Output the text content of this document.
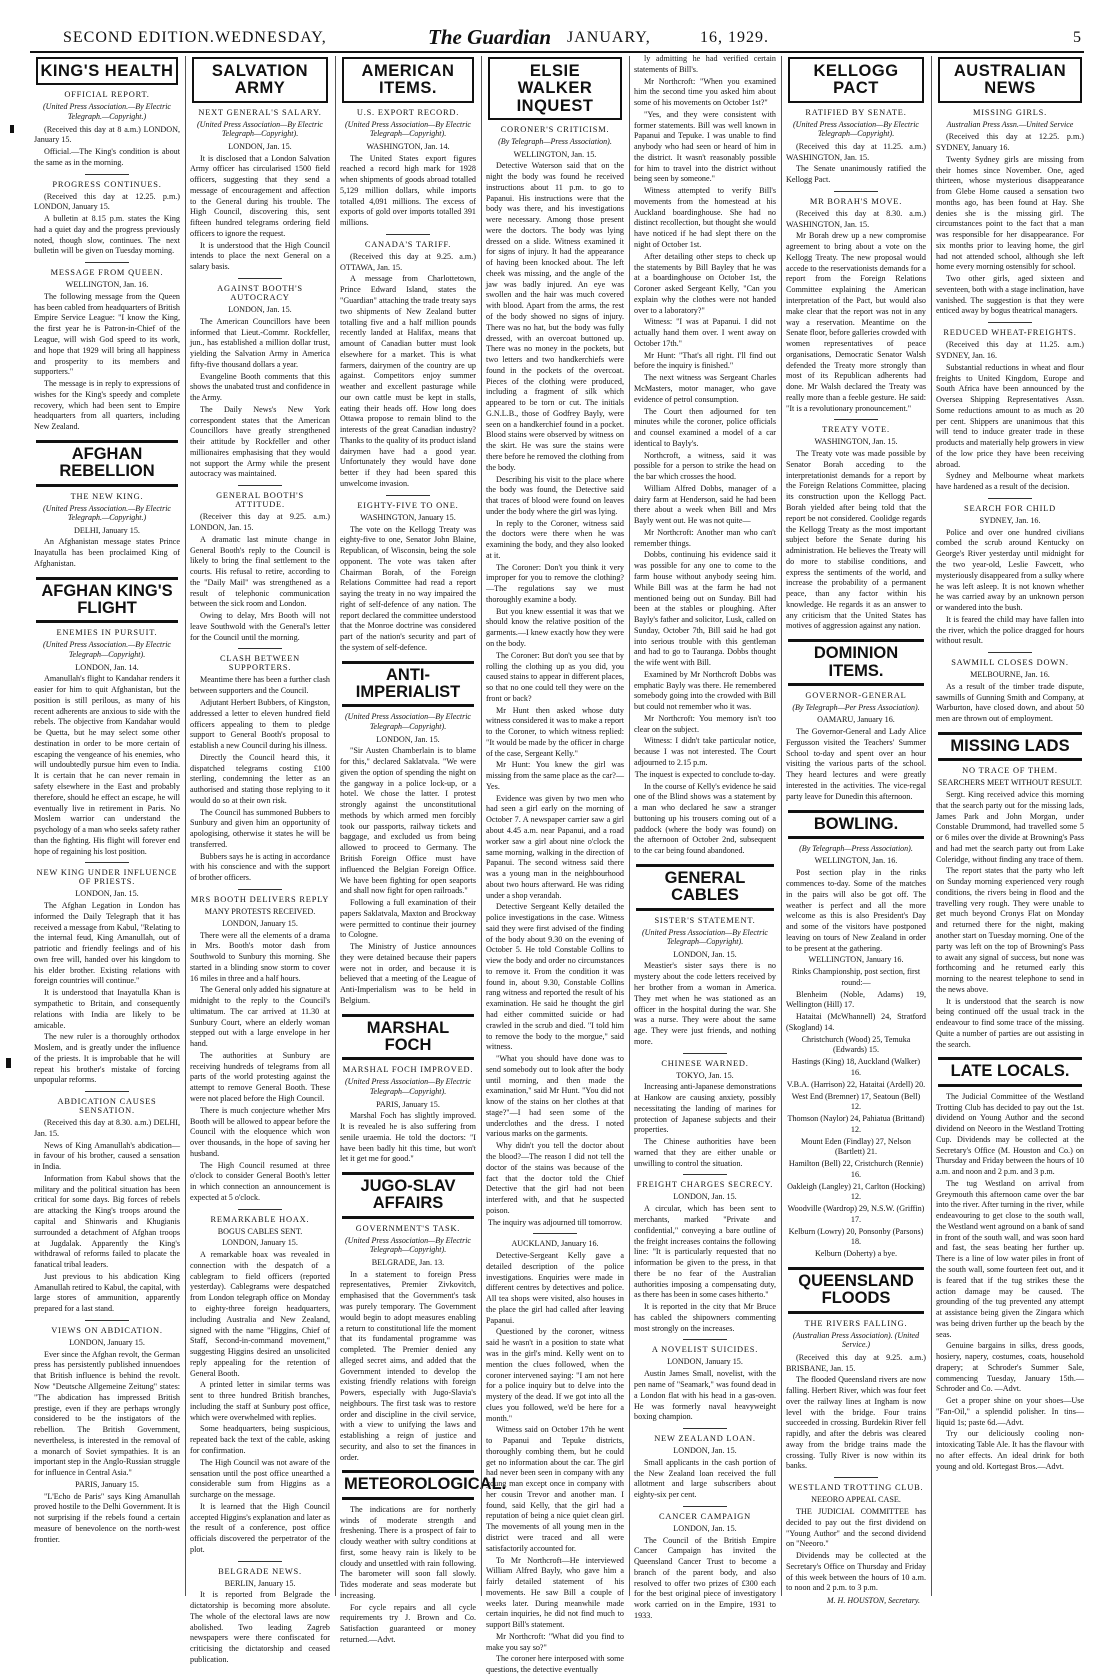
SECOND EDITION. WEDNESDAY,	The Guardian JANUARY,	16, 1929.	5
KING'S HEALTH
OFFICIAL REPORT.
(United Press Association.—By Electric Telegraph.—Copyright.)

(Received this day at 8 a.m.) LONDON, January 15.

Official.—The King's condition is about the same as in the morning.

PROGRESS CONTINUES.

(Received this day at 12.25. p.m.) LONDON, January 15.

A bulletin at 8.15 p.m. states the King had a quiet day and the progress previously noted, though slow, continues. The next bulletin will be given on Tuesday morning.

MESSAGE FROM QUEEN.

WELLINGTON, Jan. 16.

The following message from the Queen has been cabled from headquarters of British Empire Service League: "I know the King, the first year he is Patron-in-Chief of the League, will wish God speed to its work, and hope that 1929 will bring all happiness and prosperity to its members and supporters."

The message is in reply to expressions of wishes for the King's speedy and complete recovery, which had been sent to Empire headquarters from all quarters, including New Zealand.

AFGHAN REBELLION
THE NEW KING.
(United Press Association.—By Electric Telegraph.—Copyright.)

DELHI, January 15.

An Afghanistan message states Prince Inayatulla has been proclaimed King of Afghanistan.

AFGHAN KING'S FLIGHT
ENEMIES IN PURSUIT.
(United Press Association.—By Electric Telegraph—Copyright).

LONDON, Jan. 14.

Amanullah's flight to Kandahar renders it easier for him to quit Afghanistan, but the position is still perilous, as many of his recent adherents are anxious to side with the rebels. The objective from Kandahar would be Quetta, but he may select some other destination in order to be more certain of escaping the vengeance of his enemies, who will undoubtedly pursue him even to India. It is certain that he can never remain in safety elsewhere in the East and probably therefore, should he effect an escape, he will eventually live in retirement in Paris. No Moslem warrior can understand the psychology of a man who seeks safety rather than the fighting. His flight will forever end hope of regaining his lost position.

NEW KING UNDER INFLUENCE OF PRIESTS.

LONDON, Jan. 15.

The Afghan Legation in London has informed the Daily Telegraph that it has received a message from Kabul, "Relating to the internal feud, King Amanullah, out of patriotic and friendly feelings and of his own free will, handed over his kingdom to his elder brother. Existing relations with foreign countries will continue."

It is understood that Inayatulla Khan is sympathetic to Britain, and consequently relations with India are likely to be amicable.

The new ruler is a thoroughly orthodox Moslem, and is greatly under the influence of the priests. It is improbable that he will repeat his brother's mistake of forcing unpopular reforms.

ABDICATION CAUSES SENSATION.

(Received this day at 8.30. a.m.) DELHI, Jan. 15.

News of King Amanullah's abdication—in favour of his brother, caused a sensation in India.

Information from Kabul shows that the military and the political situation has been critical for some days. Big forces of rebels are attacking the King's troops around the capital and Shinwaris and Khugianis surrounded a detachment of Afghan troops at Jugdalak. Apparently the King's withdrawal of reforms failed to placate the fanatical tribal leaders.

Just previous to his abdication King Amanullah retired to Kabul, the capital, with large stores of ammunition, apparently prepared for a last stand.

VIEWS ON ABDICATION.

LONDON, January 15.

Ever since the Afghan revolt, the German press has persistently published innuendoes that British influence is behind the revolt. Now "Deutsche Allgemeine Zeitung" states: "The abdication has impressed British prestige, even if they are perhaps wrongly considered to be the instigators of the rebellion. The British Government, nevertheless, is interested in the removal of a monarch of Soviet sympathies. It is an important step in the Anglo-Russian struggle for influence in Central Asia."

PARIS, January 15.

"L'Echo de Paris" says King Amanullah proved hostile to the Delhi Government. It is not surprising if the rebels found a certain measure of benevolence on the north-west frontier.

SALVATION ARMY
NEXT GENERAL'S SALARY.
(United Press Association—By Electric Telegraph—Copyright).

LONDON, Jan. 15.

It is disclosed that a London Salvation Army officer has circularised 1500 field officers, suggesting that they send a message of encouragement and affection to the General during his trouble. The High Council, discovering this, sent fifteen hundred telegrams ordering field officers to ignore the request.

It is understood that the High Council intends to place the next General on a salary basis.

AGAINST BOOTH'S AUTOCRACY

LONDON, Jan. 15.

The American Councillors have been informed that Lieut.-Commr. Rockfeller, jun., has established a million dollar trust, yielding the Salvation Army in America fifty-five thousand dollars a year.

Evangeline Booth comments that this shows the unabated trust and confidence in the Army.

The Daily News's New York correspondent states that the American Councillors have greatly strengthened their attitude by Rockfeller and other millionaires emphasising that they would not support the Army while the present autocracy was maintained.

GENERAL BOOTH'S ATTITUDE.

(Receiver this day at 9.25. a.m.) LONDON, Jan. 15.

A dramatic last minute change in General Booth's reply to the Council is likely to bring the final settlement to the courts. His refusal to retire, according to the "Daily Mail" was strengthened as a result of telephonic communication between the sick room and London.

Owing to delay, Mrs Booth will not leave Southwold with the General's letter for the Council until the morning.

CLASH BETWEEN SUPPORTERS.

Meantime there has been a further clash between supporters and the Council.

Adjutant Herbert Bubbers, of Kingston, addressed a letter to eleven hundred field officers appealing to them to pledge support to General Booth's proposal to establish a new Council during his illness.

Directly the Council heard this, it dispatched telegrams costing £100 sterling, condemning the letter as an authorised and stating those replying to it would do so at their own risk.

The Council has summoned Bubbers to Sunbury and given him an opportunity of apologising, otherwise it states he will be transferred.

Bubbers says he is acting in accordance with his conscience and with the support of brother officers.

MRS BOOTH DELIVERS REPLY

MANY PROTESTS RECEIVED.

LONDON, January 15.

There were all the elements of a drama in Mrs. Booth's motor dash from Southwold to Sunbury this morning. She started in a blinding snow storm to cover 16 miles in three and a half hours.

The General only added his signature at midnight to the reply to the Council's ultimatum. The car arrived at 11.30 at Sunbury Court, where an elderly woman stepped out with a large envelope in her hand.

The authorities at Sunbury are receiving hundreds of telegrams from all parts of the world protesting against the attempt to remove General Booth. These were not placed before the High Council.

There is much conjecture whether Mrs Booth will be allowed to appear before the Council with the eloquence which won over thousands, in the hope of saving her husband.

The High Council resumed at three o'clock to consider General Booth's letter in which connection an announcement is expected at 5 o'clock.

REMARKABLE HOAX.

BOGUS CABLES SENT.

LONDON, January 15.

A remarkable hoax was revealed in connection with the despatch of a cablegram to field officers (reported yesterday). Cablegrams were despatched from London telegraph office on Monday to eighty-three foreign headquarters, including Australia and New Zealand, signed with the name "Higgins, Chief of Staff, Second-in-command movement," suggesting Higgins desired an unsolicited reply appealing for the retention of General Booth.

A printed letter in similar terms was sent to three hundred British branches, including the staff at Sunbury post office, which were overwhelmed with replies.

Some headquarters, being suspicious, repeated back the text of the cable, asking for confirmation.

The High Council was not aware of the sensation until the post office unearthed a considerable sum from Higgins as a surcharge on the message.

It is learned that the High Council accepted Higgins's explanation and later as the result of a conference, post office officials discovered the perpetrator of the plot.

BELGRADE NEWS.

BERLIN, January 15.

It is reported from Belgrade the dictatorship is becoming more absolute. The whole of the electoral laws are now abolished. Two leading Zagreb newspapers were there confiscated for criticising the dictatorship and ceased publication.

AMERICAN ITEMS.
U.S. EXPORT RECORD.
(United Press Association—By Electric Telegraph—Copyright).

WASHINGTON, Jan. 14.

The United States export figures reached a record high mark for 1928 when shipments of goods abroad totalled 5,129 million dollars, while imports totalled 4,091 millions. The excess of exports of gold over imports totalled 391 millions.

CANADA'S TARIFF.

(Received this day at 9.25. a.m.) OTTAWA, Jan. 15.

A message from Charlottetown, Prince Edward Island, states the "Guardian" attaching the trade treaty says two shipments of New Zealand butter totalling five and a half million pounds recently landed at Halifax, means that amount of Canadian butter must look elsewhere for a market. This is what farmers, dairymen of the country are up against. Competitors enjoy summer weather and excellent pasturage while our own cattle must be kept in stalls, eating their heads off. How long does Ottawa propose to remain blind to the interests of the great Canadian industry? Thanks to the quality of its product island dairymen have had a good year. Unfortunately they would have done better if they had been spared this unwelcome invasion.

EIGHTY-FIVE TO ONE.

WASHINGTON, January 15.

The vote on the Kellogg Treaty was eighty-five to one, Senator John Blaine, Republican, of Wisconsin, being the sole opponent. The vote was taken after Chairman Borah, of the Foreign Relations Committee had read a report saying the treaty in no way impaired the right of self-defence of any nation. The report declared the committee understood that the Monroe doctrine was considered part of the nation's security and part of the system of self-defence.

ANTI-IMPERIALIST
(United Press Association—By Electric Telegraph—Copyright).

LONDON, Jan. 15.

"Sir Austen Chamberlain is to blame for this," declared Saklatvala. "We were given the option of spending the night on the gangway in a police lock-up, or a hotel. We chose the latter. I protest strongly against the unconstitutional methods by which armed men forcibly took our passports, railway tickets and baggage, and excluded us from being allowed to proceed to Germany. The British Foreign Office must have influenced the Belgian Foreign Office. We have been fighting for open seaports and shall now fight for open railroads."

Following a full examination of their papers Saklatvala, Maxton and Brockway were permitted to continue their journey to Cologne.

The Ministry of Justice announces they were detained because their papers were not in order, and because it is believed that a meeting of the League of Anti-Imperialism was to be held in Belgium.

MARSHAL FOCH
MARSHAL FOCH IMPROVED.
(United Press Association—By Electric Telegraph—Copyright).

PARIS, January 15.

Marshal Foch has slightly improved. It is revealed he is also suffering from senile uraemia. He told the doctors: "I have been badly hit this time, but won't let it get me for good."

JUGO-SLAV AFFAIRS
GOVERNMENT'S TASK.
(United Press Association—By Electric Telegraph—Copyright).

BELGRADE, Jan. 13.

In a statement to foreign Press representatives, Premier Zivkovitch, emphasised that the Government's task was purely temporary. The Government would begin to adopt measures enabling a return to constitutional life the moment that its fundamental programme was completed. The Premier denied any alleged secret aims, and added that the Government intended to develop the existing friendly relations with foreign Powers, especially with Jugo-Slavia's neighbours. The first task was to restore order and discipline in the civil service, with a view to unifying the laws and establishing a reign of justice and security, and also to set the finances in order.

METEOROLOGICAL.

The indications are for northerly winds of moderate strength and freshening. There is a prospect of fair to cloudy weather with sultry conditions at first, some heavy rain is likely to be cloudy and unsettled with rain following. The barometer will soon fall slowly. Tides moderate and seas moderate but increasing.

For cycle repairs and all cycle requirements try J. Brown and Co. Satisfaction guaranteed or money returned.—Advt.

ELSIE WALKER INQUEST
CORONER'S CRITICISM.
(By Telegraph—Press Association).

WELLINGTON, Jan. 15.

Detective Waterson said that on the night the body was found he received instructions about 11 p.m. to go to Papanui. His instructions were that the body was there, and his investigations were necessary. Among those present were the doctors. The body was lying dressed on a slide. Witness examined it for signs of injury. It had the appearance of having been knocked about. The left cheek was missing, and the angle of the jaw was badly injured. An eye was swollen and the hair was much covered with blood. Apart from the arms, the rest of the body showed no signs of injury. There was no hat, but the body was fully dressed, with an overcoat buttoned up. There was no money in the pockets, but two letters and two handkerchiefs were found in the pockets of the overcoat. Pieces of the clothing were produced, including a fragment of silk which appeared to be torn or cut. The initials G.N.L.B., those of Godfrey Bayly, were seen on a handkerchief found in a pocket. Blood stains were observed by witness on the skirt. He was sure the stains were there before he removed the clothing from the body.

Describing his visit to the place where the body was found, the Detective said that traces of blood were found on leaves under the body where the girl was lying.

In reply to the Coroner, witness said the doctors were there when he was examining the body, and they also looked at it.

The Coroner: Don't you think it very improper for you to remove the clothing?—The regulations say we must thoroughly examine a body.

But you knew essential it was that we should know the relative position of the garments.—I knew exactly how they were on the body.

The Coroner: But don't you see that by rolling the clothing up as you did, you caused stains to appear in different places, so that no one could tell they were on the front or back?

Mr Hunt then asked whose duty witness considered it was to make a report to the Coroner, to which witness replied: "It would be made by the officer in charge of the case, Sergeant Kelly."

Mr Hunt: You knew the girl was missing from the same place as the car?—Yes.

Evidence was given by two men who had seen a girl early on the morning of October 7. A newspaper carrier saw a girl about 4.45 a.m. near Papanui, and a road worker saw a girl about nine o'clock the same morning, walking in the direction of Papanui. The second witness said there was a young man in the neighbourhood about two hours afterward. He was riding under a shop verandah.

Detective Sergeant Kelly detailed the police investigations in the case. Witness said they were first advised of the finding of the body about 9.30 on the evening of October 5. He told Constable Collins to view the body and order no circumstances to remove it. From the condition it was found in, about 9.30, Constable Collins rang witness and reported the result of his examination. He said he thought the girl had either committed suicide or had crawled in the scrub and died. "I told him to remove the body to the morgue," said witness.

"What you should have done was to send somebody out to look after the body until morning, and then made the examination," said Mr Hunt. "You did not know of the stains on her clothes at that stage?"—I had seen some of the underclothes and the dress. I noted various marks on the garments.

Why didn't you tell the doctor about the blood?—The reason I did not tell the doctor of the stains was because of the fact that the doctor told the Chief Detective that the girl had not been interfered with, and that he suspected poison.

The inquiry was adjourned till tomorrow.

AUCKLAND, January 16.

Detective-Sergeant Kelly gave a detailed description of the police investigations. Enquiries were made in different centres by detectives and police. All tea shops were visited, also houses in the place the girl had called after leaving Papanui.

Questioned by the coroner, witness said he wasn't in a position to state what was in the girl's mind. Kelly went on to mention the clues followed, when the coroner intervened saying: "I am not here for a police inquiry but to delve into the mystery of the dead. If we got into all the clues you followed, we'd be here for a month."

Witness said on October 17th he went to Papanui and Tepuke districts, thoroughly combing them, but he could get no information about the car. The girl had never been seen in company with any young man except once in company with her cousin Trevor and another man. I found, said Kelly, that the girl had a reputation of being a nice quiet clean girl. The movements of all young men in the district were traced and all were satisfactorily accounted for.

To Mr Northcroft—He interviewed William Alfred Bayly, who gave him a fairly detailed statement of his movements. He saw Bill a couple of weeks later. During meanwhile made certain inquiries, he did not find much to support Bill's statement.

Mr Northcroft: "What did you find to make you say so?"

The coroner here interposed with some questions, the detective eventually

ly admitting he had verified certain statements of Bill's.

Mr Northcroft: "When you examined him the second time you asked him about some of his movements on October 1st?"

"Yes, and they were consistent with former statements. Bill was well known in Papanui and Tepuke. I was unable to find anybody who had seen or heard of him in the district. It wasn't reasonably possible for him to travel into the district without being seen by someone."

Witness attempted to verify Bill's movements from the homestead at his Auckland boardinghouse. She had no distinct recollection, but thought she would have noticed if he had slept there on the night of October 1st.

After detailing other steps to check up the statements by Bill Bayley that he was at a boardinghouse on October 1st, the Coroner asked Sergeant Kelly, "Can you explain why the clothes were not handed over to a laboratory?"

Witness: "I was at Papanui. I did not actually hand them over. I went away on October 17th."

Mr Hunt: "That's all right. I'll find out before the inquiry is finished."

The next witness was Sergeant Charles McMasters, motor manager, who gave evidence of petrol consumption.

The Court then adjourned for ten minutes while the coroner, police officials and counsel examined a model of a car identical to Bayly's.

Northcroft, a witness, said it was possible for a person to strike the head on the bar which crosses the hood.

William Alfred Dobbs, manager of a dairy farm at Henderson, said he had been there about a week when Bill and Mrs Bayly went out. He was not quite—

Mr Northcroft: Another man who can't remember things.

Dobbs, continuing his evidence said it was possible for any one to come to the farm house without anybody seeing him. While Bill was at the farm he had not mentioned being out on Sunday. Bill had been at the stables or ploughing. After Bayly's father and solicitor, Lusk, called on Sunday, October 7th, Bill said he had got into serious trouble with this gentleman and had to go to Tauranga. Dobbs thought the wife went with Bill.

Examined by Mr Northcroft Dobbs was emphatic Bayly was there. He remembered somebody going into the crowded with Bill but could not remember who it was.

Mr Northcroft: You memory isn't too clear on the subject.

Witness: I didn't take particular notice, because I was not interested. The Court adjourned to 2.15 p.m.

The inquest is expected to conclude to-day.

In the course of Kelly's evidence he said one of the Blind shows was a statement by a man who declared he saw a stranger buttoning up his trousers coming out of a paddock (where the body was found) on the afternoon of October 2nd, subsequent to the car being found abandoned.

GENERAL CABLES
SISTER'S STATEMENT.
(United Press Association—By Electric Telegraph—Copyright).

LONDON, Jan. 15.

Meastier's sister says there is no mystery about the code letters received by her brother from a woman in America. They met when he was stationed as an officer in the hospital during the war. She was a nurse. They were about the same age. They were just friends, and nothing more.

CHINESE WARNED.

TOKYO, Jan. 15.

Increasing anti-Japanese demonstrations at Hankow are causing anxiety, possibly necessitating the landing of marines for protection of Japanese subjects and their properties.

The Chinese authorities have been warned that they are either unable or unwilling to control the situation.

FREIGHT CHARGES SECRECY.

LONDON, Jan. 15.

A circular, which has been sent to merchants, marked "Private and confidential," conveying a bare outline of the freight increases contains the following line: "It is particularly requested that no information be given to the press, in that there be no fear of the Australian authorities imposing a compensating duty, as there has been in some cases hitherto."

It is reported in the city that Mr Bruce has cabled the shipowners commenting most strongly on the increases.

A NOVELIST SUICIDES.

LONDON, January 15.

Austin James Small, novelist, with the pen name of "Seamark," was found dead in a London flat with his head in a gas-oven. He was formerly naval heavyweight boxing champion.

NEW ZEALAND LOAN.

LONDON, Jan. 15.

Small applicants in the cash portion of the New Zealand loan received the full allotment and large subscribers about eighty-six per cent.

CANCER CAMPAIGN

LONDON, Jan. 15.

The Council of the British Empire Cancer Campaign has invited the Queensland Cancer Trust to become a branch of the parent body, and also resolved to offer two prizes of £300 each for the best original piece of investigatory work carried on in the Empire, 1931 to 1933.

KELLOGG PACT
RATIFIED BY SENATE.
(United Press Association—By Electric Telegraph—Copyright).

(Received this day at 11.25. a.m.) WASHINGTON, Jan. 15.

The Senate unanimously ratified the Kellogg Pact.

MR BORAH'S MOVE.

(Received this day at 8.30. a.m.) WASHINGTON, Jan. 15.

Mr Borah drew up a new compromise agreement to bring about a vote on the Kellogg Treaty. The new proposal would accede to the reservationists demands for a report from the Foreign Relations Committee explaining the American interpretation of the Pact, but would also make clear that the report was not in any way a reservation. Meantime on the Senate floor, before galleries crowded with women representatives of peace organisations, Democratic Senator Walsh defended the Treaty more strongly than most of its Republican adherents had done. Mr Walsh declared the Treaty was really more than a feeble gesture. He said: "It is a revolutionary pronouncement."

TREATY VOTE.

WASHINGTON, Jan. 15.

The Treaty vote was made possible by Senator Borah acceding to the interpretationist demands for a report by the Foreign Relations Committee, placing its construction upon the Kellogg Pact. Borah yielded after being told that the report be not considered. Coolidge regards the Kellogg Treaty as the most important subject before the Senate during his administration. He believes the Treaty will do more to stabilise conditions, and express the sentiments of the world, and increase the probability of a permanent peace, than any factor within his knowledge. He regards it as an answer to any criticism that the United States has motives of aggression against any nation.

DOMINION ITEMS.
GOVERNOR-GENERAL
(By Telegraph—Per Press Association).

OAMARU, January 16.

The Governor-General and Lady Alice Fergusson visited the Teachers' Summer School to-day and spent over an hour visiting the various parts of the school. They heard lectures and were greatly interested in the activities. The vice-regal party leave for Dunedin this afternoon.

BOWLING.
(By Telegraph—Press Association).

WELLINGTON, Jan. 16.

Post section play in the rinks commences to-day. Some of the matches in the pairs will also be got off. The weather is perfect and all the more welcome as this is also President's Day and some of the visitors have postponed leaving on tours of New Zealand in order to be present at the gathering.

WELLINGTON, January 16.

Rinks Championship, post section, first round:—

Blenheim (Noble, Adams) 19, Wellington (Hill) 17.

Hataitai (McWhannell) 24, Stratford (Skogland) 14.

Christchurch (Wood) 25, Temuka (Edwards) 15.

Hastings (King) 18, Auckland (Walker) 16.

V.B.A. (Harrison) 22, Hataitai (Ardell) 20.

West End (Bremner) 17, Seatoun (Bell) 12.

Thomson (Naylor) 24, Pahiatua (Brittand) 12.

Mount Eden (Findlay) 27, Nelson (Bartlett) 21.

Hamilton (Bell) 22, Cristchurch (Rennie) 16.

Oakleigh (Langley) 21, Carlton (Hocking) 12.

Woodville (Wardrop) 29, N.S.W. (Griffin) 17.

Kelburn (Lowry) 20, Ponsonby (Parsons) 18.

Kelburn (Doherty) a bye.

QUEENSLAND FLOODS
THE RIVERS FALLING.
(Australian Press Association). (United Service.)

(Received this day at 9.25. a.m.) BRISBANE, Jan. 15.

The flooded Queensland rivers are now falling. Herbert River, which was four feet over the railway lines at Ingham is now level with the bridge. Four trains succeeded in crossing. Burdekin River fell rapidly, and after the debris was cleared away from the bridge trains made the crossing. Tully River is now within its banks.

WESTLAND TROTTING CLUB.

NEEORO APPEAL CASE.

THE JUDICIAL COMMITTEE has decided to pay out the first dividend on "Young Author" and the second dividend on "Neeoro."

Dividends may be collected at the Secretary's Office on Thursday and Friday of this week between the hours of 10 a.m. to noon and 2 p.m. to 3 p.m.

M. H. HOUSTON, Secretary.
AUSTRALIAN NEWS
MISSING GIRLS.
Australian Press Assn.—United Service

(Received this day at 12.25. p.m.) SYDNEY, January 16.

Twenty Sydney girls are missing from their homes since November. One, aged thirteen, whose mysterious disappearance from Glebe Home caused a sensation two months ago, has been found at Hay. She denies she is the missing girl. The circumstances point to the fact that a man was responsible for her disappearance. For six months prior to leaving home, the girl had not attended school, although she left home every morning ostensibly for school.

Two other girls, aged sixteen and seventeen, both with a stage inclination, have vanished. The suggestion is that they were enticed away by bogus theatrical managers.

REDUCED WHEAT-FREIGHTS.

(Received this day at 11.25. a.m.) SYDNEY, Jan. 16.

Substantial reductions in wheat and flour freights to United Kingdom, Europe and South Africa have been announced by the Oversea Shipping Representatives Assn. Some reductions amount to as much as 20 per cent. Shippers are unanimous that this will tend to induce greater trade in these products and materially help growers in view of the low price they have been receiving abroad.

Sydney and Melbourne wheat markets have hardened as a result of the decision.

SEARCH FOR CHILD

SYDNEY, Jan. 16.

Police and over one hundred civilians combed the scrub around Kentucky on George's River yesterday until midnight for the two year-old, Leslie Fawcett, who mysteriously disappeared from a sulky where he was left asleep. It is not known whether he was carried away by an unknown person or wandered into the bush.

It is feared the child may have fallen into the river, which the police dragged for hours without result.

SAWMILL CLOSES DOWN.

MELBOURNE, Jan. 16.

As a result of the timber trade dispute, sawmills of Gunning Smith and Company, at Warburton, have closed down, and about 50 men are thrown out of employment.

MISSING LADS
NO TRACE OF THEM.

SEARCHERS MEET WITHOUT RESULT.

Sergt. King received advice this morning that the search party out for the missing lads, James Park and John Morgan, under Constable Drummond, had travelled some 5 or 6 miles over the divide at Browning's Pass and had met the search party out from Lake Coleridge, without finding any trace of them.

The report states that the party who left on Sunday morning experienced very rough conditions, the rivers being in flood and the travelling very rough. They were unable to get much beyond Cronys Flat on Monday and returned there for the night, making another start on Tuesday morning. One of the party was left on the top of Browning's Pass to await any signal of success, but none was forthcoming and he returned early this morning to the nearest telephone to send in the news above.

It is understood that the search is now being continued off the usual track in the endeavour to find some trace of the missing. Quite a number of parties are out assisting in the search.

LATE LOCALS.

The Judicial Committee of the Westland Trotting Club has decided to pay out the 1st. dividend on Young Author and the second dividend on Neeoro in the Westland Trotting Cup. Dividends may be collected at the Secretary's Office (M. Houston and Co.) on Thursday and Friday between the hours of 10 a.m. and noon and 2 p.m. and 3 p.m.

The tug Westland on arrival from Greymouth this afternoon came over the bar into the river. After turning in the river, while endeavouring to get close to the south wall, the Westland went aground on a bank of sand in front of the south wall, and was soon hard and fast, the seas beating her further up. There is a line of low water piles in front of the south wall, some fourteen feet out, and it is feared that if the tug strikes these the action damage may be caused. The grounding of the tug prevented any attempt at assistance being given the Zingara which was being driven further up the beach by the seas.

Genuine bargains in silks, dress goods, hosiery, napery, costumes, coats, household drapery; at Schroder's Summer Sale, commencing Tuesday, January 15th.—Schroder and Co. —Advt.

Get a proper shine on your shoes—Use "Fan-Oil," a splendid polisher. In tins—liquid 1s; paste 6d.—Advt.

Try our deliciously cooling non-intoxicating Table Ale. It has the flavour with no after effects. An ideal drink for both young and old. Kortegast Bros.—Advt.
